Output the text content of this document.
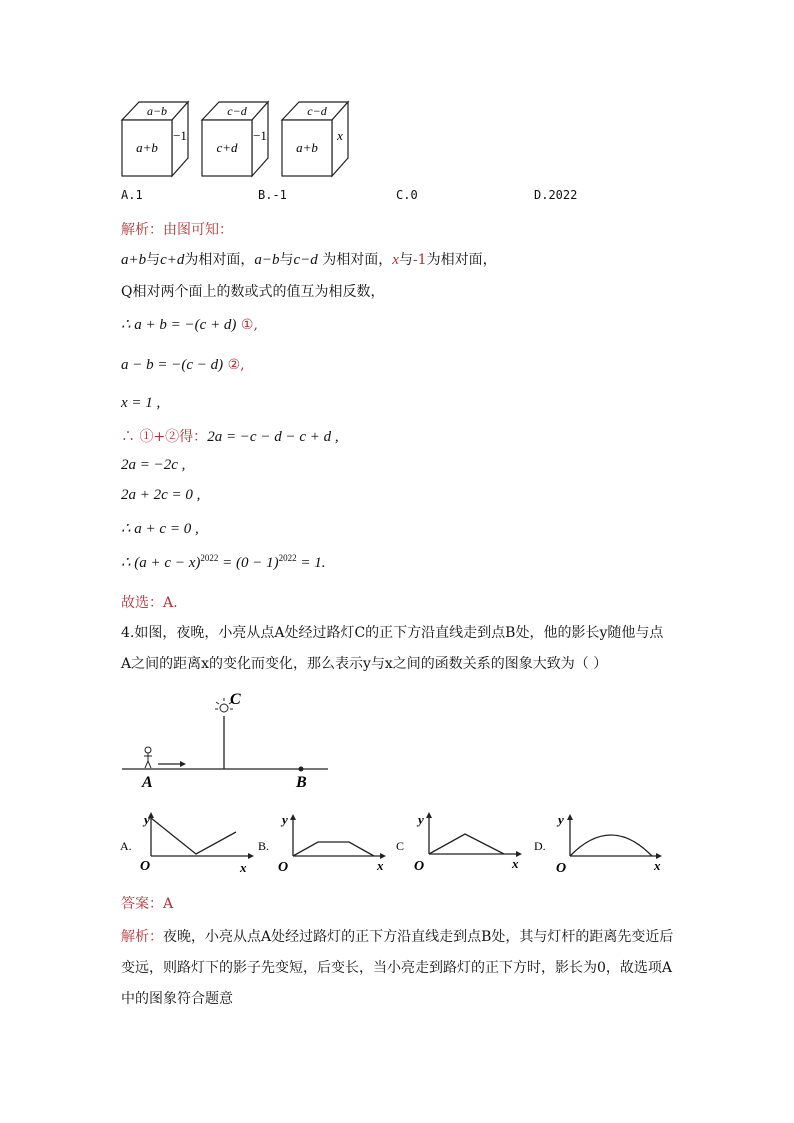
a−b
a+b
−1
c−d
c+d
−1
c−d
a+b
x
A.1	B.-1	C.0	D.2022
解析：由图可知：
a+b与c+d为相对面，a−b与c−d 为相对面，x与-1为相对面，
Q相对两个面上的数或式的值互为相反数，
∴ a + b = −(c + d) ①,
a − b = −(c − d) ②,
x = 1 ,
∴ ①+②得：2a = −c − d − c + d ,
2a = −2c ,
2a + 2c = 0 ,
∴ a + c = 0 ,
∴ $(a + c - x)^{2022} = (0 - 1)^{2022} = 1$.
故选：A.
4.如图，夜晚，小亮从点A处经过路灯C的正下方沿直线走到点B处，他的影长y随他与点
A之间的距离x的变化而变化，那么表示y与x之间的函数关系的图象大致为（ ）
C
A	B
A.
y
O	x
B.
y
O	x
C
y
O	x
D.
y
O	x
答案：A
解析：夜晚，小亮从点A处经过路灯的正下方沿直线走到点B处，其与灯杆的距离先变近后
变远，则路灯下的影子先变短，后变长，当小亮走到路灯的正下方时，影长为0，故选项A
中的图象符合题意
